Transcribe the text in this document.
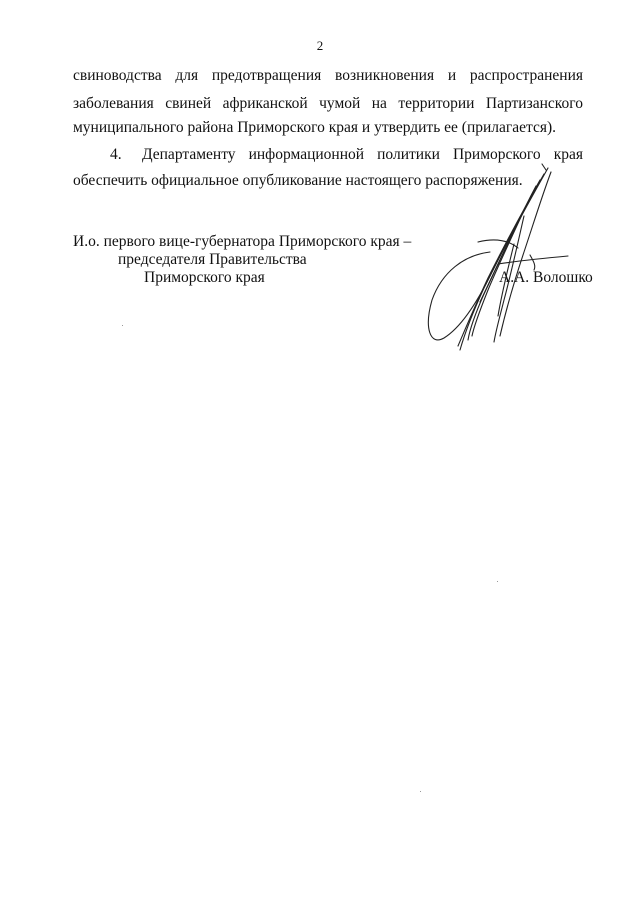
2
свиноводства для предотвращения возникновения и распространения
заболевания свиней африканской чумой на территории Партизанского
муниципального района Приморского края и утвердить ее (прилагается).
4.	Департаменту информационной политики Приморского края
обеспечить официальное опубликование настоящего распоряжения.
И.о. первого вице-губернатора Приморского края –
председателя Правительства
Приморского края	А.А. Волошко
